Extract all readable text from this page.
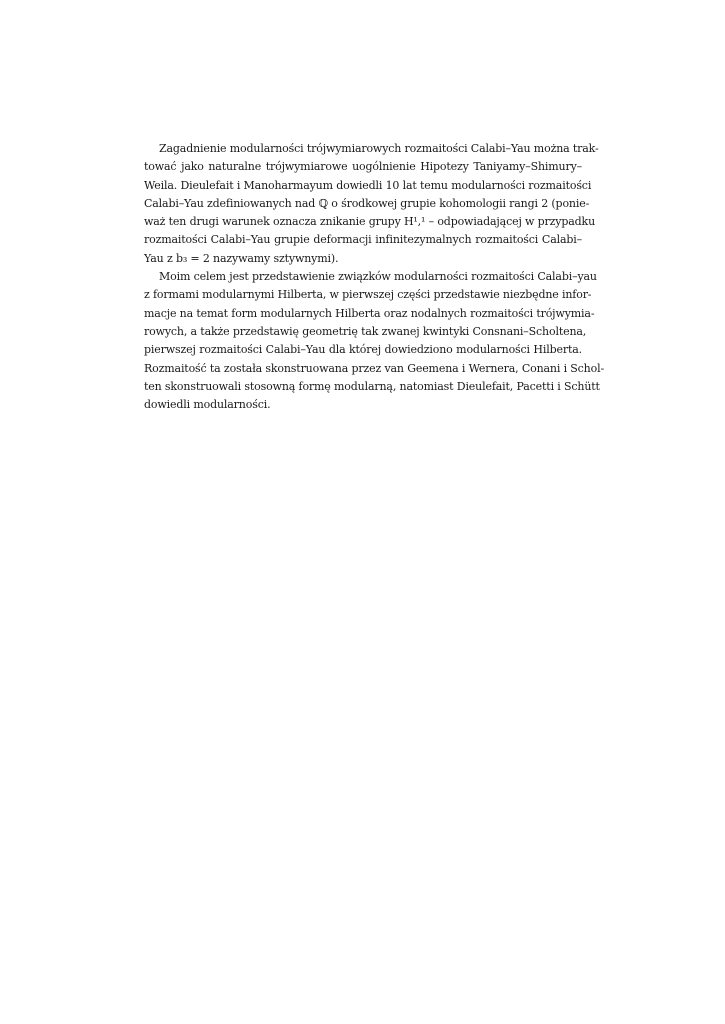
Zagadnienie modularności trójwymiarowych rozmaitości Calabi–Yau można trak-
tować jako naturalne trójwymiarowe uogólnienie Hipotezy Taniyamy–Shimury–
Weila. Dieulefait i Manoharmayum dowiedli 10 lat temu modularności rozmaitości
Calabi–Yau zdefiniowanych nad ℚ o środkowej grupie kohomologii rangi 2 (ponie-
waż ten drugi warunek oznacza znikanie grupy H¹,¹ – odpowiadającej w przypadku
rozmaitości Calabi–Yau grupie deformacji infinitezymalnych rozmaitości Calabi–
Yau z b₃ = 2 nazywamy sztywnymi).
Moim celem jest przedstawienie związków modularności rozmaitości Calabi–yau
z formami modularnymi Hilberta, w pierwszej części przedstawie niezbędne infor-
macje na temat form modularnych Hilberta oraz nodalnych rozmaitości trójwymia-
rowych, a także przedstawię geometrię tak zwanej kwintyki Consnani–Scholtena,
pierwszej rozmaitości Calabi–Yau dla której dowiedziono modularności Hilberta.
Rozmaitość ta została skonstruowana przez van Geemena i Wernera, Conani i Schol-
ten skonstruowali stosowną formę modularną, natomiast Dieulefait, Pacetti i Schütt
dowiedli modularności.
